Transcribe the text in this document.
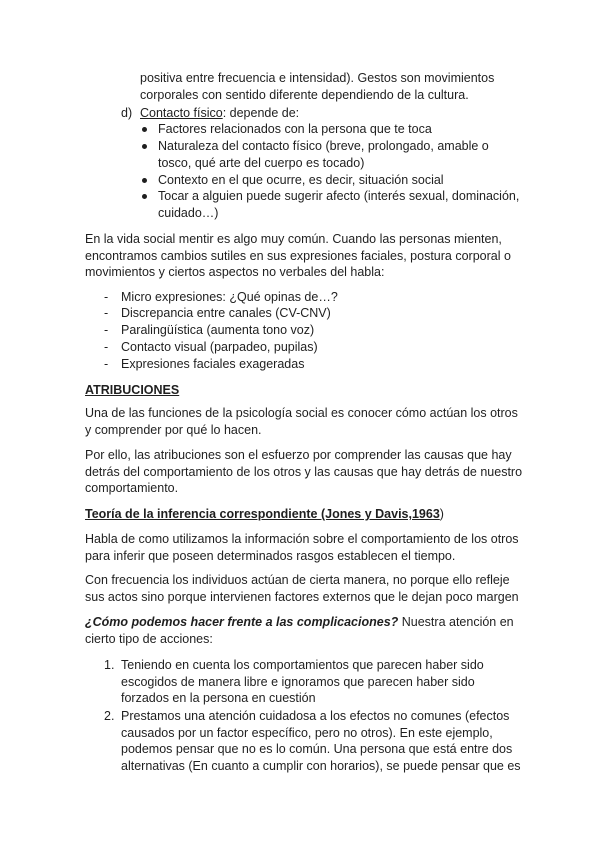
positiva entre frecuencia e intensidad). Gestos son movimientos corporales con sentido diferente dependiendo de la cultura.

d) Contacto físico: depende de:

Factores relacionados con la persona que te toca

Naturaleza del contacto físico (breve, prolongado, amable o tosco, qué arte del cuerpo es tocado)

Contexto en el que ocurre, es decir, situación social

Tocar a alguien puede sugerir afecto (interés sexual, dominación, cuidado…)

En la vida social mentir es algo muy común. Cuando las personas mienten, encontramos cambios sutiles en sus expresiones faciales, postura corporal o movimientos y ciertos aspectos no verbales del habla:

- Micro expresiones: ¿Qué opinas de…?

- Discrepancia entre canales (CV-CNV)

- Paralingüística (aumenta tono voz)

- Contacto visual (parpadeo, pupilas)

- Expresiones faciales exageradas

ATRIBUCIONES

Una de las funciones de la psicología social es conocer cómo actúan los otros y comprender por qué lo hacen.

Por ello, las atribuciones son el esfuerzo por comprender las causas que hay detrás del comportamiento de los otros y las causas que hay detrás de nuestro comportamiento.

Teoría de la inferencia correspondiente (Jones y Davis,1963)

Habla de como utilizamos la información sobre el comportamiento de los otros para inferir que poseen determinados rasgos establecen el tiempo.

Con frecuencia los individuos actúan de cierta manera, no porque ello refleje sus actos sino porque intervienen factores externos que le dejan poco margen

¿Cómo podemos hacer frente a las complicaciones? Nuestra atención en cierto tipo de acciones:

1. Teniendo en cuenta los comportamientos que parecen haber sido escogidos de manera libre e ignoramos que parecen haber sido forzados en la persona en cuestión

2. Prestamos una atención cuidadosa a los efectos no comunes (efectos causados por un factor específico, pero no otros). En este ejemplo, podemos pensar que no es lo común. Una persona que está entre dos alternativas (En cuanto a cumplir con horarios), se puede pensar que es
